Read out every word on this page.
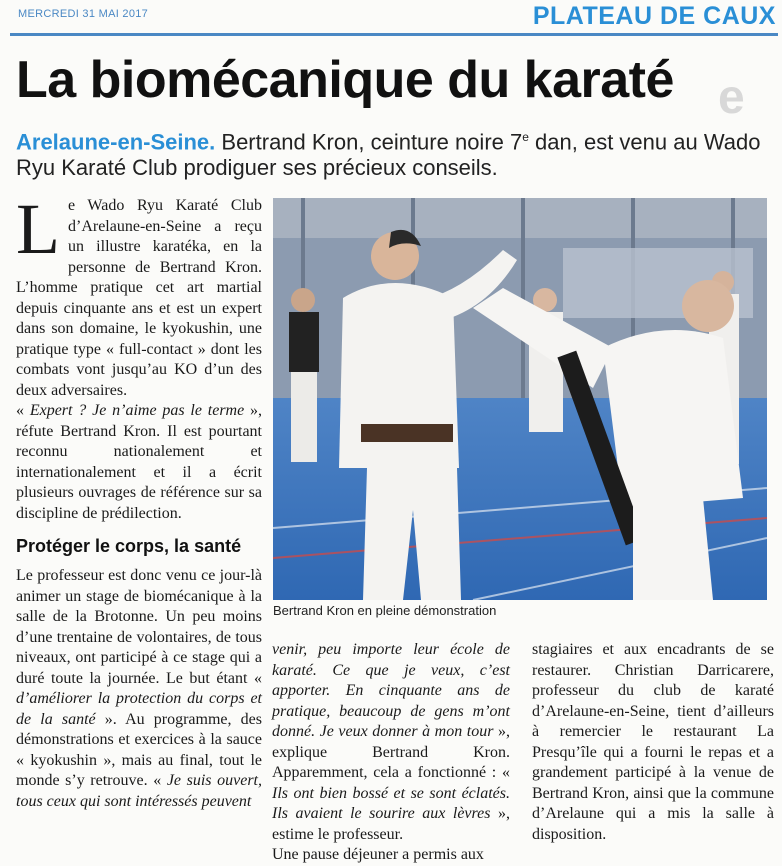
MERCREDI 31 MAI 2017	PLATEAU DE CAUX
e
La biomécanique du karaté
Arelaune-en-Seine. Bertrand Kron, ceinture noire 7e dan, est venu au Wado Ryu Karaté Club prodiguer ses précieux conseils.

Le Wado Ryu Karaté Club d’Arelaune-en-Seine a reçu un illustre karatéka, en la personne de Bertrand Kron. L’homme pratique cet art martial depuis cinquante ans et est un expert dans son domaine, le kyokushin, une pratique type « full-contact » dont les combats vont jusqu’au KO d’un des deux adversaires.

« Expert ? Je n’aime pas le terme », réfute Bertrand Kron. Il est pourtant reconnu nationalement et internationalement et il a écrit plusieurs ouvrages de référence sur sa discipline de prédilection.

Protéger le corps, la santé

Le professeur est donc venu ce jour-là animer un stage de biomécanique à la salle de la Brotonne. Un peu moins d’une trentaine de volontaires, de tous niveaux, ont participé à ce stage qui a duré toute la journée. Le but étant « d’améliorer la protection du corps et de la santé ». Au programme, des démonstrations et exercices à la sauce « kyokushin », mais au final, tout le monde s’y retrouve. « Je suis ouvert, tous ceux qui sont intéressés peuvent

Bertrand Kron en pleine démonstration

venir, peu importe leur école de karaté. Ce que je veux, c’est apporter. En cinquante ans de pratique, beaucoup de gens m’ont donné. Je veux donner à mon tour », explique Bertrand Kron. Apparemment, cela a fonctionné : « Ils ont bien bossé et se sont éclatés. Ils avaient le sourire aux lèvres », estime le professeur.

Une pause déjeuner a permis aux

stagiaires et aux encadrants de se restaurer. Christian Darricarere, professeur du club de karaté d’Arelaune-en-Seine, tient d’ailleurs à remercier le restaurant La Presqu’île qui a fourni le repas et a grandement participé à la venue de Bertrand Kron, ainsi que la commune d’Arelaune qui a mis la salle à disposition.
